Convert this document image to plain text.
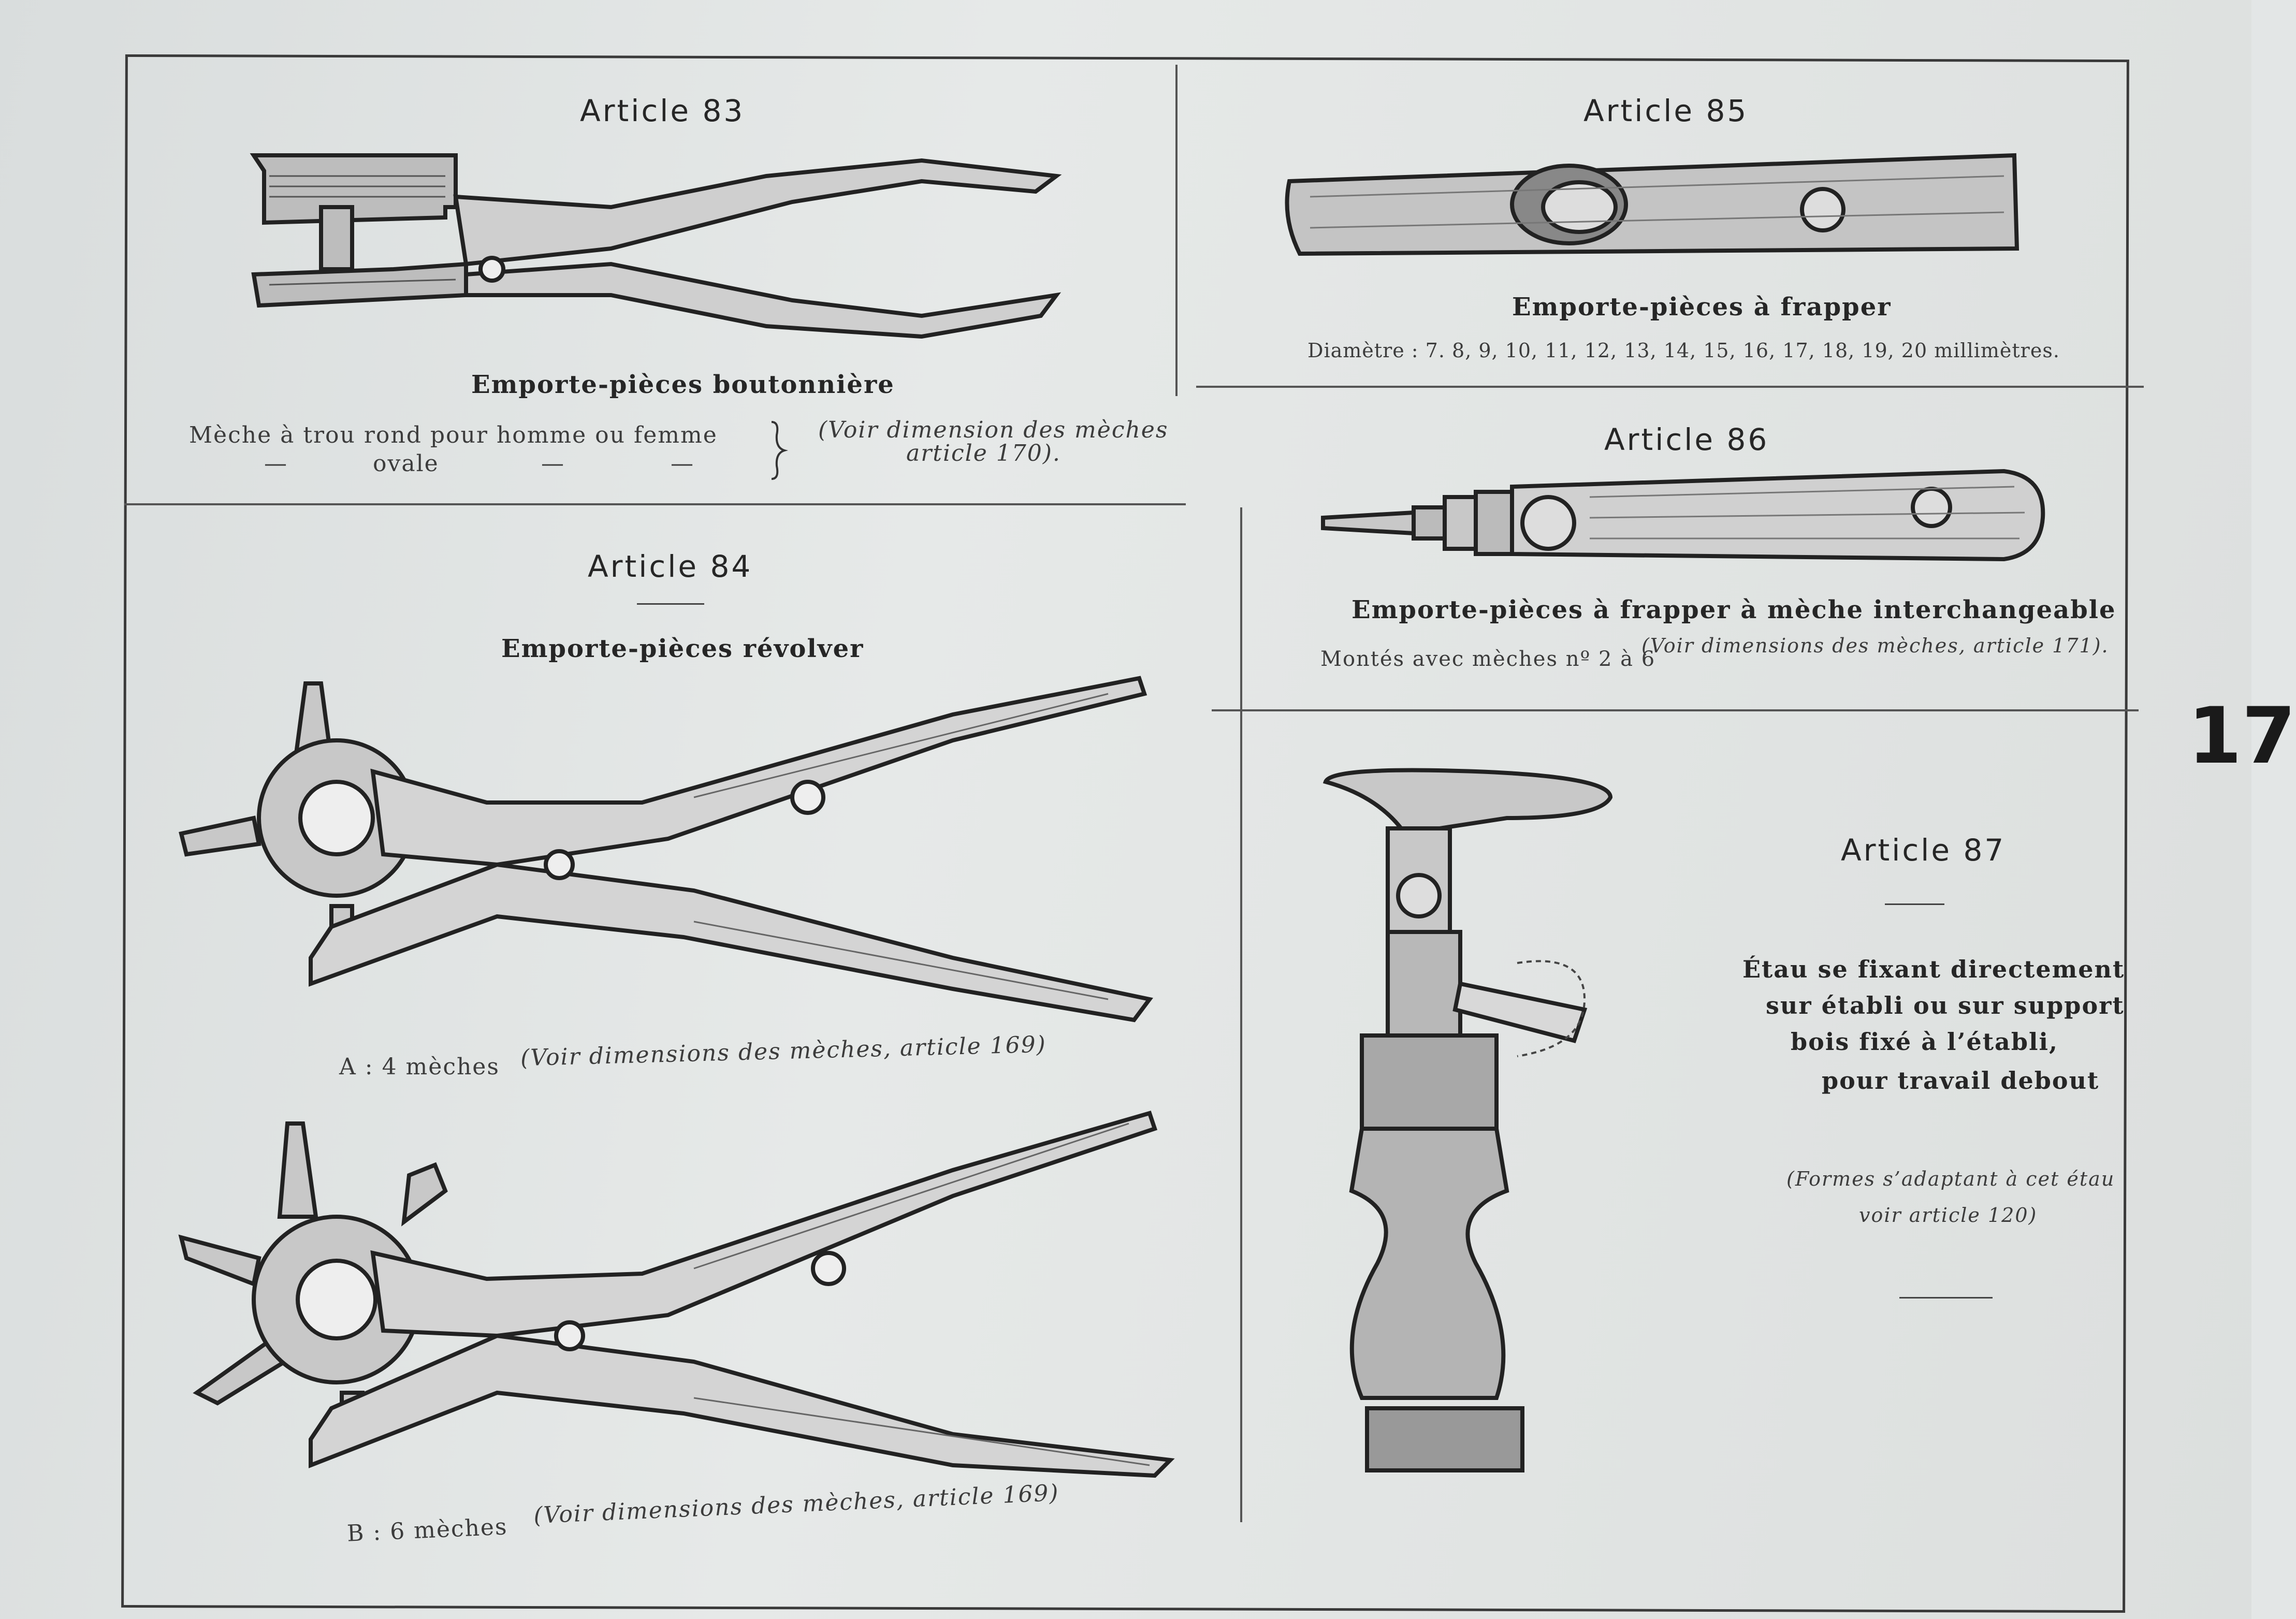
Article 83
Emporte-pièces boutonnière
Mèche à trou rond pour homme ou femme
—	ovale	—	—
(Voir dimension des mèches
article 170).
Article 84
Emporte-pièces révolver
A : 4 mèches (Voir dimensions des mèches, article 169)
B : 6 mèches
(Voir dimensions des mèches, article 169)
Article 85
Emporte-pièces à frapper
Diamètre : 7. 8, 9, 10, 11, 12, 13, 14, 15, 16, 17, 18, 19, 20 millimètres.
Article 86
Emporte-pièces à frapper à mèche interchangeable
Montés avec mèches nº 2 à 6
(Voir dimensions des mèches, article 171).
Article 87
Étau se fixant directement
sur établi ou sur support
bois fixé à l’établi,
pour travail debout
(Formes s’adaptant à cet étau
voir article 120)
17
